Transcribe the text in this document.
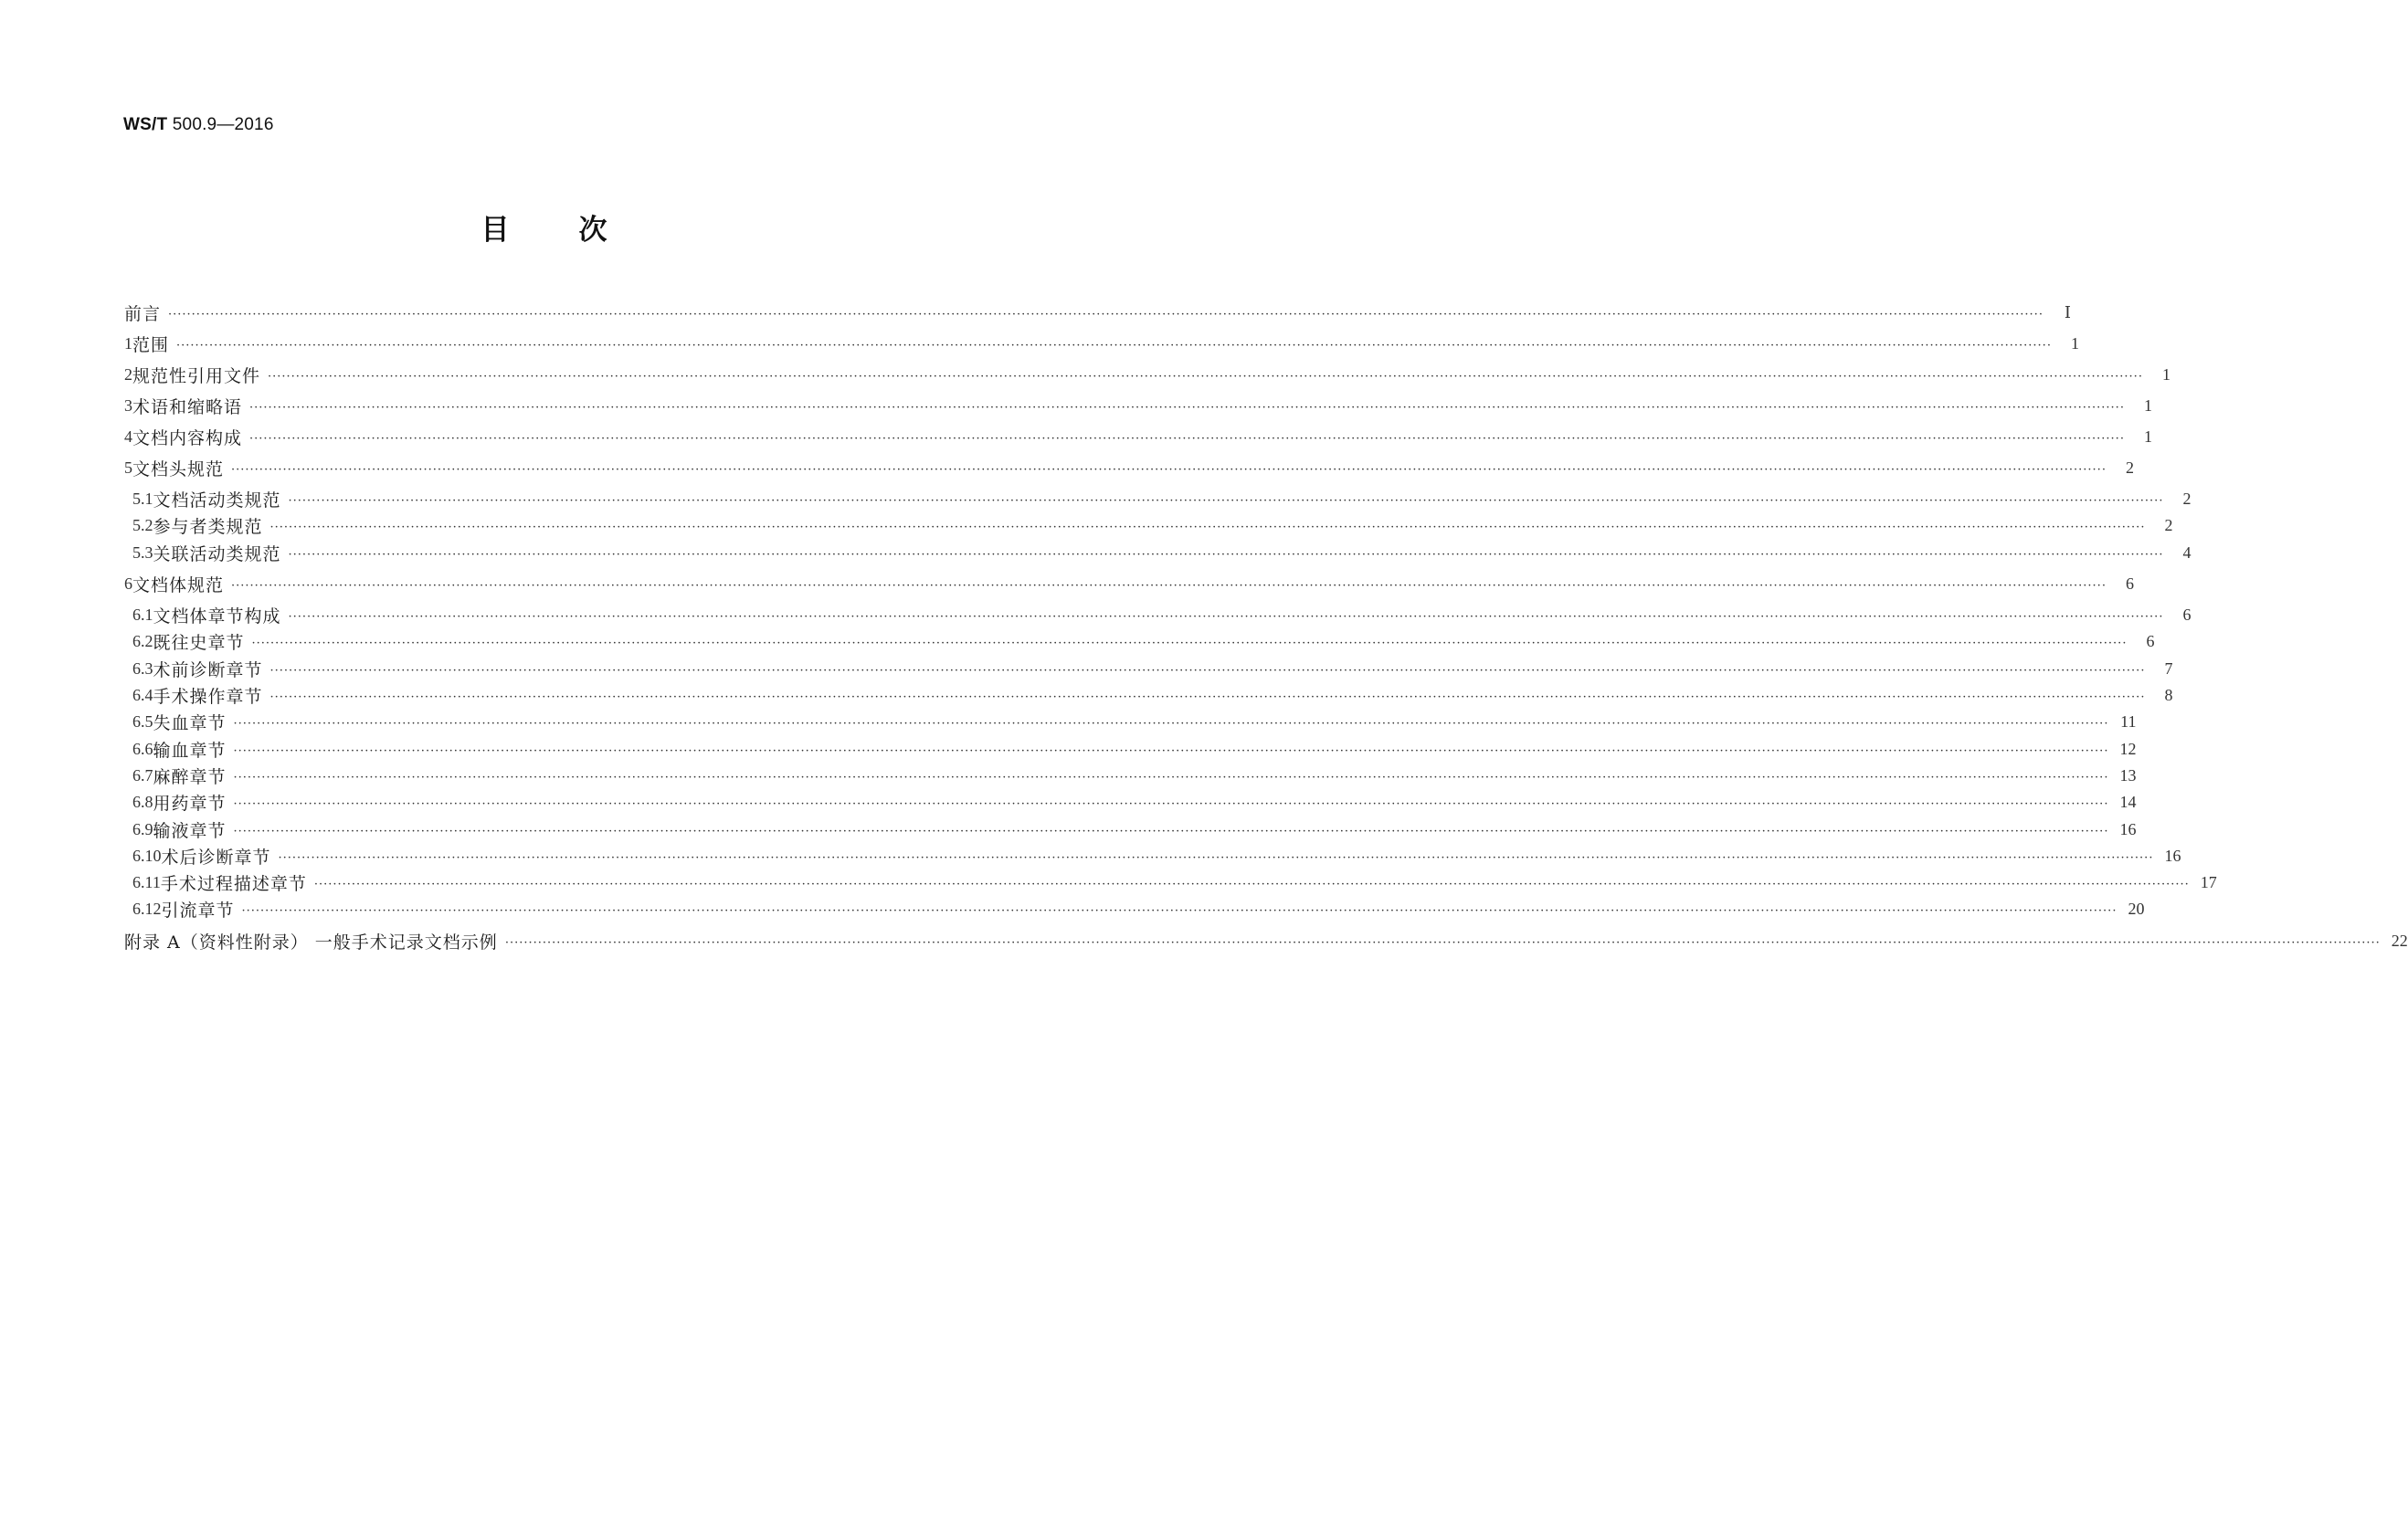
WS/T 500.9—2016
目 次
前言 ················································································································································································································································································································································································································	Ⅰ
1 范围 ················································································································································································································································································································································································································	1
2 规范性引用文件 ················································································································································································································································································································································································································	1
3 术语和缩略语 ················································································································································································································································································································································································································	1
4 文档内容构成 ················································································································································································································································································································································································································	1
5 文档头规范 ················································································································································································································································································································································································································	2
5.1 文档活动类规范 ················································································································································································································································································································································································································	2
5.2 参与者类规范 ················································································································································································································································································································································································································	2
5.3 关联活动类规范 ················································································································································································································································································································································································································	4
6 文档体规范 ················································································································································································································································································································································································································	6
6.1 文档体章节构成 ················································································································································································································································································································································································································	6
6.2 既往史章节 ················································································································································································································································································································································································································	6
6.3 术前诊断章节 ················································································································································································································································································································································································································	7
6.4 手术操作章节 ················································································································································································································································································································································································································	8
6.5 失血章节 ················································································································································································································································································································································································································ 11
6.6 输血章节 ················································································································································································································································································································································································································ 12
6.7 麻醉章节 ················································································································································································································································································································································································································ 13
6.8 用药章节 ················································································································································································································································································································································································································ 14
6.9 输液章节 ················································································································································································································································································································································································································ 16
6.10 术后诊断章节 ················································································································································································································································································································································································································ 16
6.11 手术过程描述章节 ················································································································································································································································································································································································································ 17
6.12 引流章节 ················································································································································································································································································································································································································ 20
附录 A（资料性附录） 一般手术记录文档示例 ················································································································································································································································································································································································································ 22
